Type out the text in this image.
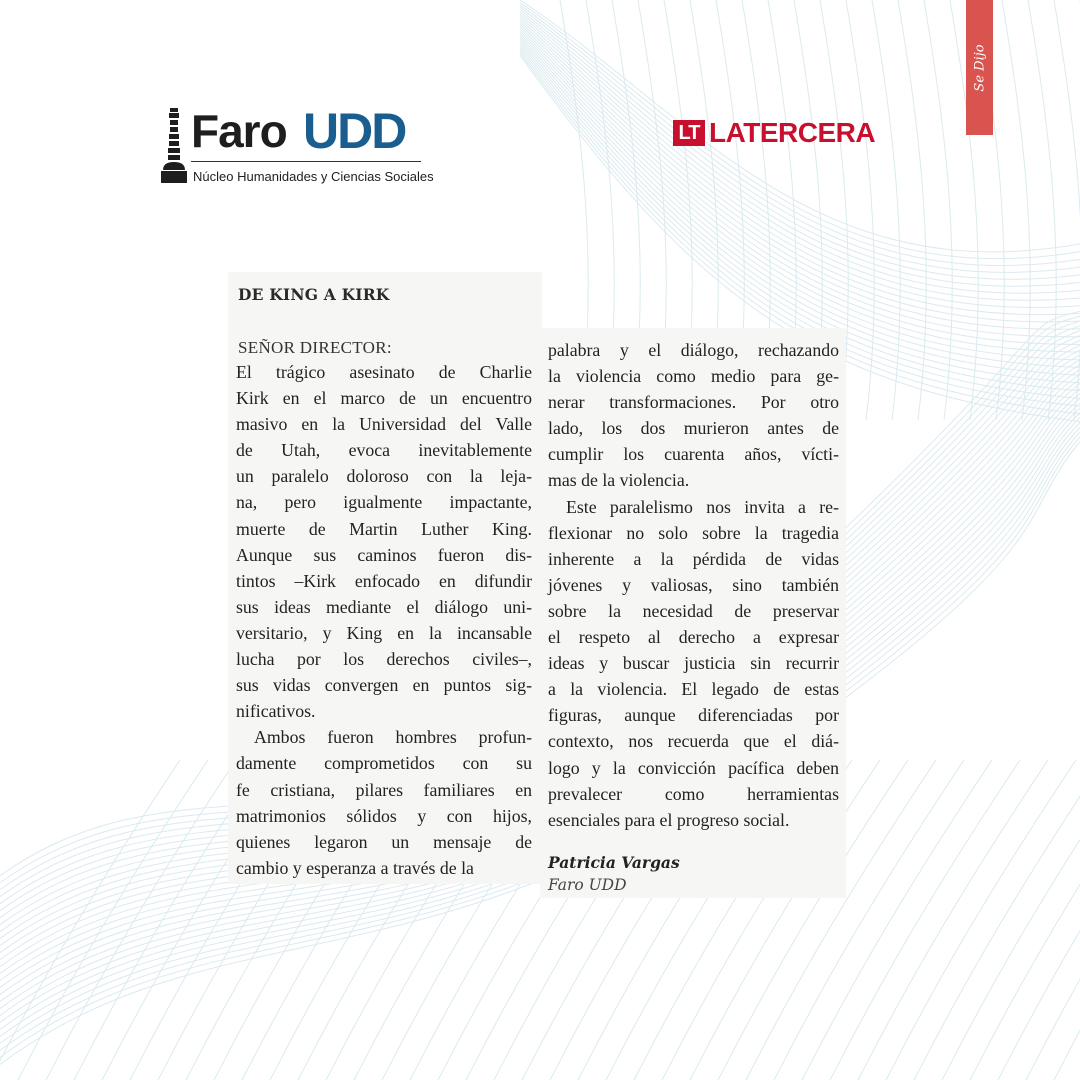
Se Dijo
Faro UDD
Núcleo Humanidades y Ciencias Sociales
LT LATERCERA
DE KING A KIRK
SEÑOR DIRECTOR:
El trágico asesinato de Charlie
Kirk en el marco de un encuentro
masivo en la Universidad del Valle
de Utah, evoca inevitablemente
un paralelo doloroso con la leja-
na, pero igualmente impactante,
muerte de Martin Luther King.
Aunque sus caminos fueron dis-
tintos –Kirk enfocado en difundir
sus ideas mediante el diálogo uni-
versitario, y King en la incansable
lucha por los derechos civiles–,
sus vidas convergen en puntos sig-
nificativos.
Ambos fueron hombres profun-
damente comprometidos con su
fe cristiana, pilares familiares en
matrimonios sólidos y con hijos,
quienes legaron un mensaje de
cambio y esperanza a través de la
palabra y el diálogo, rechazando
la violencia como medio para ge-
nerar transformaciones. Por otro
lado, los dos murieron antes de
cumplir los cuarenta años, vícti-
mas de la violencia.
Este paralelismo nos invita a re-
flexionar no solo sobre la tragedia
inherente a la pérdida de vidas
jóvenes y valiosas, sino también
sobre la necesidad de preservar
el respeto al derecho a expresar
ideas y buscar justicia sin recurrir
a la violencia. El legado de estas
figuras, aunque diferenciadas por
contexto, nos recuerda que el diá-
logo y la convicción pacífica deben
prevalecer como herramientas
esenciales para el progreso social.
Patricia Vargas
Faro UDD
